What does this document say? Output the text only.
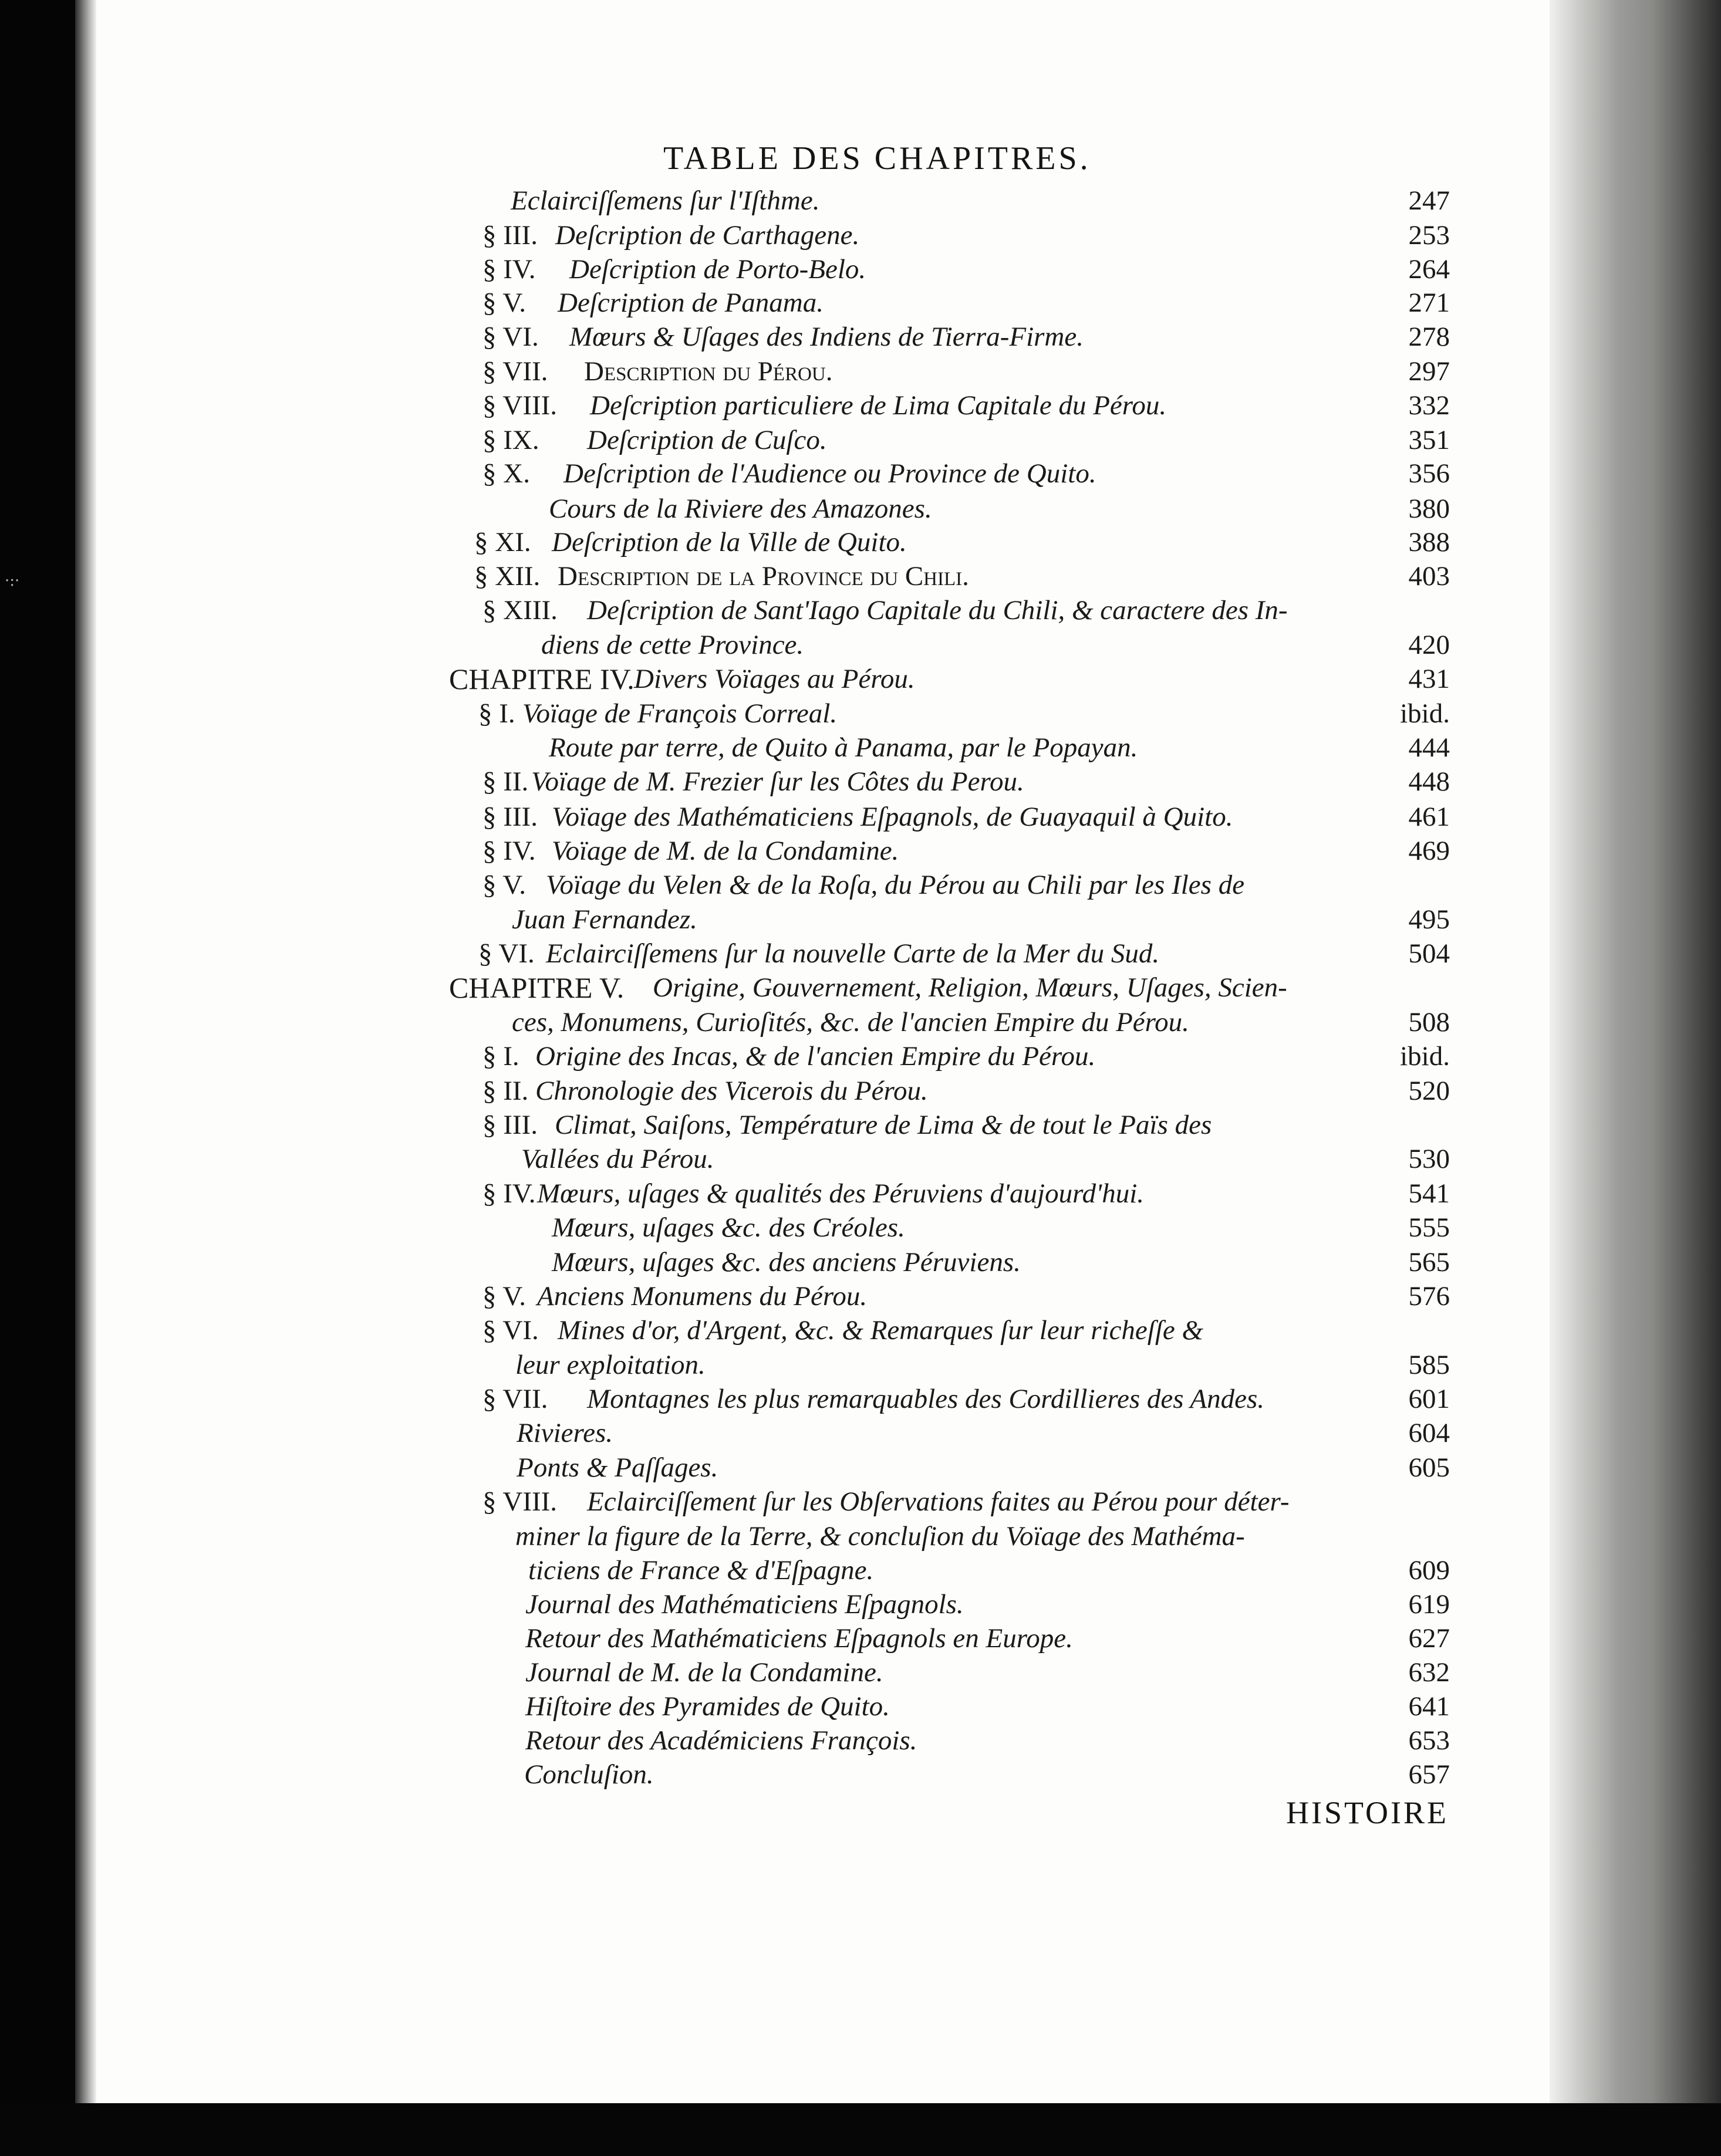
·:·
TABLE DES CHAPITRES.
Eclairciſſemens ſur l'Iſthme.	247
§ III. Deſcription de Carthagene.	253
§ IV. Deſcription de Porto-Belo.	264
§ V. Deſcription de Panama.	271
§ VI. Mœurs & Uſages des Indiens de Tierra-Firme.	278
§ VII. Description du Pérou.	297
§ VIII. Deſcription particuliere de Lima Capitale du Pérou.	332
§ IX. Deſcription de Cuſco.	351
§ X. Deſcription de l'Audience ou Province de Quito.	356
Cours de la Riviere des Amazones.	380
§ XI. Deſcription de la Ville de Quito.	388
§ XII. Description de la Province du Chili.	403
§ XIII. Deſcription de Sant'Iago Capitale du Chili, & caractere des In-
diens de cette Province.	420
CHAPITRE IV. Divers Voïages au Pérou.	431
§ I. Voïage de François Correal.	ibid.
Route par terre, de Quito à Panama, par le Popayan.	444
§ II. Voïage de M. Frezier ſur les Côtes du Perou.	448
§ III. Voïage des Mathématiciens Eſpagnols, de Guayaquil à Quito.	461
§ IV. Voïage de M. de la Condamine.	469
§ V. Voïage du Velen & de la Roſa, du Pérou au Chili par les Iles de
Juan Fernandez.	495
§ VI. Eclairciſſemens ſur la nouvelle Carte de la Mer du Sud.	504
CHAPITRE V. Origine, Gouvernement, Religion, Mœurs, Uſages, Scien-
ces, Monumens, Curioſités, &c. de l'ancien Empire du Pérou.	508
§ I. Origine des Incas, & de l'ancien Empire du Pérou.	ibid.
§ II. Chronologie des Vicerois du Pérou.	520
§ III. Climat, Saiſons, Température de Lima & de tout le Païs des
Vallées du Pérou.	530
§ IV. Mœurs, uſages & qualités des Péruviens d'aujourd'hui.	541
Mœurs, uſages &c. des Créoles.	555
Mœurs, uſages &c. des anciens Péruviens.	565
§ V. Anciens Monumens du Pérou.	576
§ VI. Mines d'or, d'Argent, &c. & Remarques ſur leur richeſſe &
leur exploitation.	585
§ VII. Montagnes les plus remarquables des Cordillieres des Andes.	601
Rivieres.	604
Ponts & Paſſages.	605
§ VIII. Eclairciſſement ſur les Obſervations faites au Pérou pour déter-
miner la figure de la Terre, & concluſion du Voïage des Mathéma-
ticiens de France & d'Eſpagne.	609
Journal des Mathématiciens Eſpagnols.	619
Retour des Mathématiciens Eſpagnols en Europe.	627
Journal de M. de la Condamine.	632
Hiſtoire des Pyramides de Quito.	641
Retour des Académiciens François.	653
Concluſion.	657
HISTOIRE
